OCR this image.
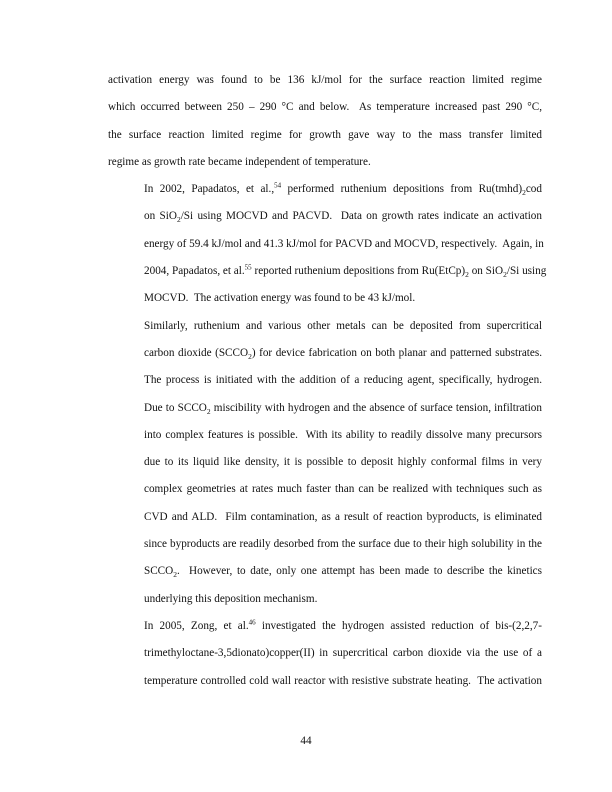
activation energy was found to be 136 kJ/mol for the surface reaction limited regime
which occurred between 250 – 290 °C and below.  As temperature increased past 290 °C,
the surface reaction limited regime for growth gave way to the mass transfer limited
regime as growth rate became independent of temperature.

In 2002, Papadatos, et al.,$^{54}$ performed ruthenium depositions from $Ru(tmhd)_2cod$
on SiO$_2$/Si using MOCVD and PACVD.  Data on growth rates indicate an activation
energy of 59.4 kJ/mol and 41.3 kJ/mol for PACVD and MOCVD, respectively.  Again, in
2004, Papadatos, et al.$^{55}$ reported ruthenium depositions from $Ru(EtCp)_2$ on SiO$_2$/Si using
MOCVD.  The activation energy was found to be 43 kJ/mol.

Similarly, ruthenium and various other metals can be deposited from supercritical
carbon dioxide $(SCCO_2)$ for device fabrication on both planar and patterned substrates.
The process is initiated with the addition of a reducing agent, specifically, hydrogen.
Due to $SCCO_2$ miscibility with hydrogen and the absence of surface tension, infiltration
into complex features is possible.  With its ability to readily dissolve many precursors
due to its liquid like density, it is possible to deposit highly conformal films in very
complex geometries at rates much faster than can be realized with techniques such as
CVD and ALD.  Film contamination, as a result of reaction byproducts, is eliminated
since byproducts are readily desorbed from the surface due to their high solubility in the
$SCCO_2$.  However, to date, only one attempt has been made to describe the kinetics
underlying this deposition mechanism.

In 2005, Zong, et al.$^{46}$ investigated the hydrogen assisted reduction of bis-(2,2,7-
trimethyloctane-3,5dionato)copper(II) in supercritical carbon dioxide via the use of a
temperature controlled cold wall reactor with resistive substrate heating.  The activation

44
